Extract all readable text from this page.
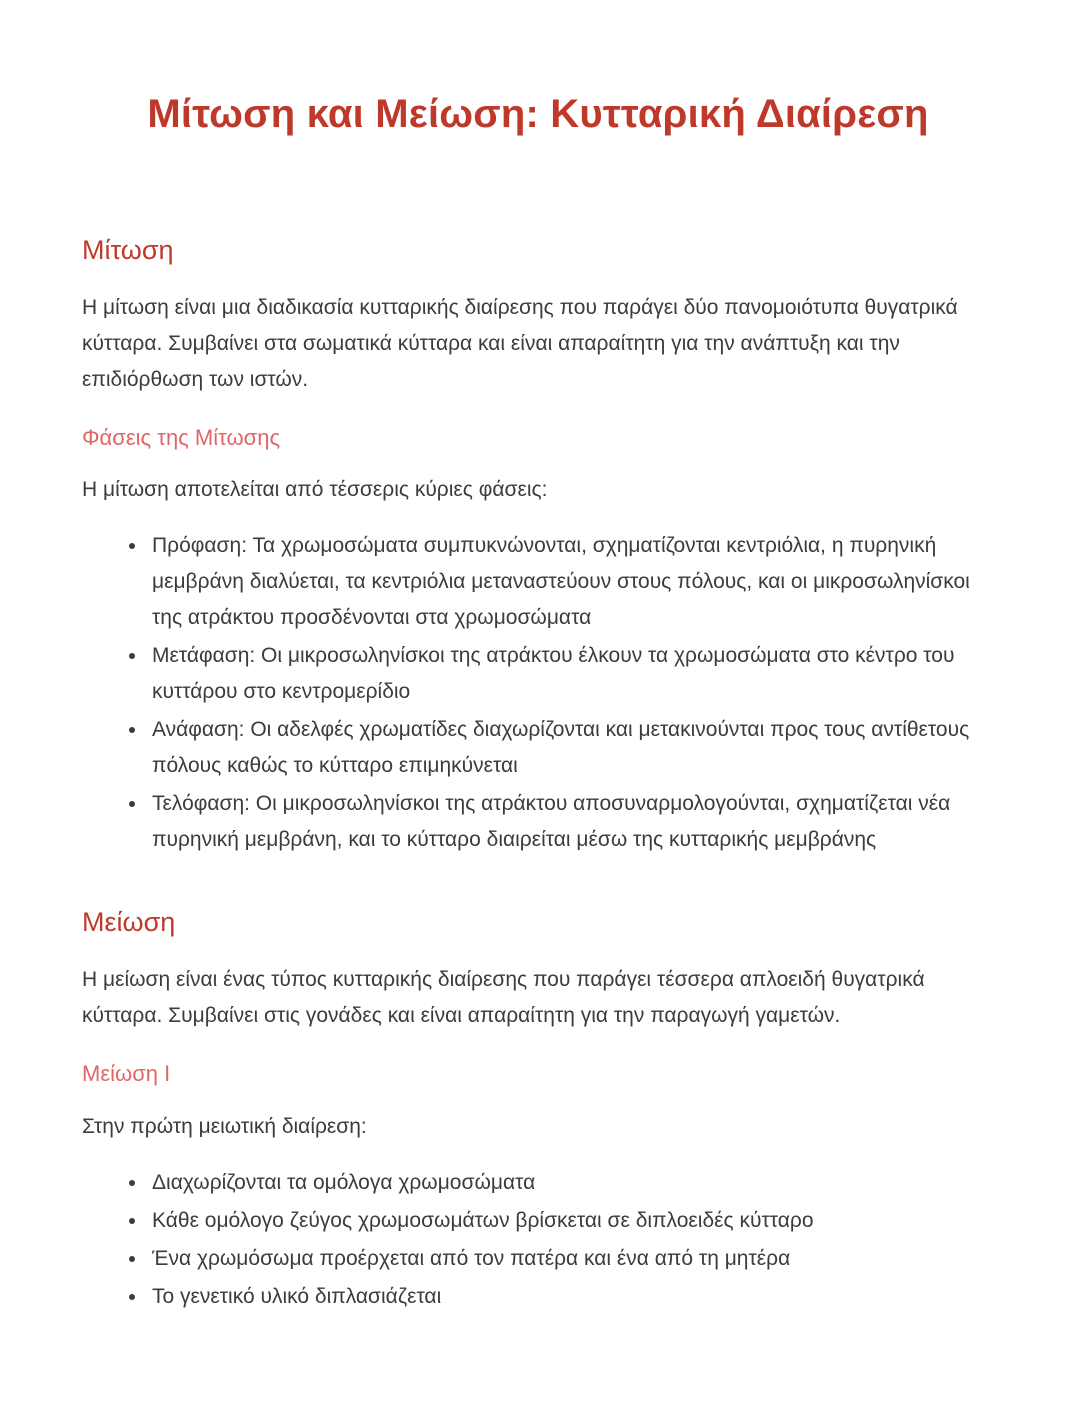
Μίτωση και Μείωση: Κυτταρική Διαίρεση
Μίτωση

Η μίτωση είναι μια διαδικασία κυτταρικής διαίρεσης που παράγει δύο πανομοιότυπα θυγατρικά κύτταρα. Συμβαίνει στα σωματικά κύτταρα και είναι απαραίτητη για την ανάπτυξη και την επιδιόρθωση των ιστών.

Φάσεις της Μίτωσης

Η μίτωση αποτελείται από τέσσερις κύριες φάσεις:

• Πρόφαση: Τα χρωμοσώματα συμπυκνώνονται, σχηματίζονται κεντριόλια, η πυρηνική μεμβράνη διαλύεται, τα κεντριόλια μεταναστεύουν στους πόλους, και οι μικροσωληνίσκοι της ατράκτου προσδένονται στα χρωμοσώματα
• Μετάφαση: Οι μικροσωληνίσκοι της ατράκτου έλκουν τα χρωμοσώματα στο κέντρο του κυττάρου στο κεντρομερίδιο
• Ανάφαση: Οι αδελφές χρωματίδες διαχωρίζονται και μετακινούνται προς τους αντίθετους πόλους καθώς το κύτταρο επιμηκύνεται
• Τελόφαση: Οι μικροσωληνίσκοι της ατράκτου αποσυναρμολογούνται, σχηματίζεται νέα πυρηνική μεμβράνη, και το κύτταρο διαιρείται μέσω της κυτταρικής μεμβράνης
Μείωση

Η μείωση είναι ένας τύπος κυτταρικής διαίρεσης που παράγει τέσσερα απλοειδή θυγατρικά κύτταρα. Συμβαίνει στις γονάδες και είναι απαραίτητη για την παραγωγή γαμετών.

Μείωση I

Στην πρώτη μειωτική διαίρεση:

• Διαχωρίζονται τα ομόλογα χρωμοσώματα
• Κάθε ομόλογο ζεύγος χρωμοσωμάτων βρίσκεται σε διπλοειδές κύτταρο
• Ένα χρωμόσωμα προέρχεται από τον πατέρα και ένα από τη μητέρα
• Το γενετικό υλικό διπλασιάζεται
